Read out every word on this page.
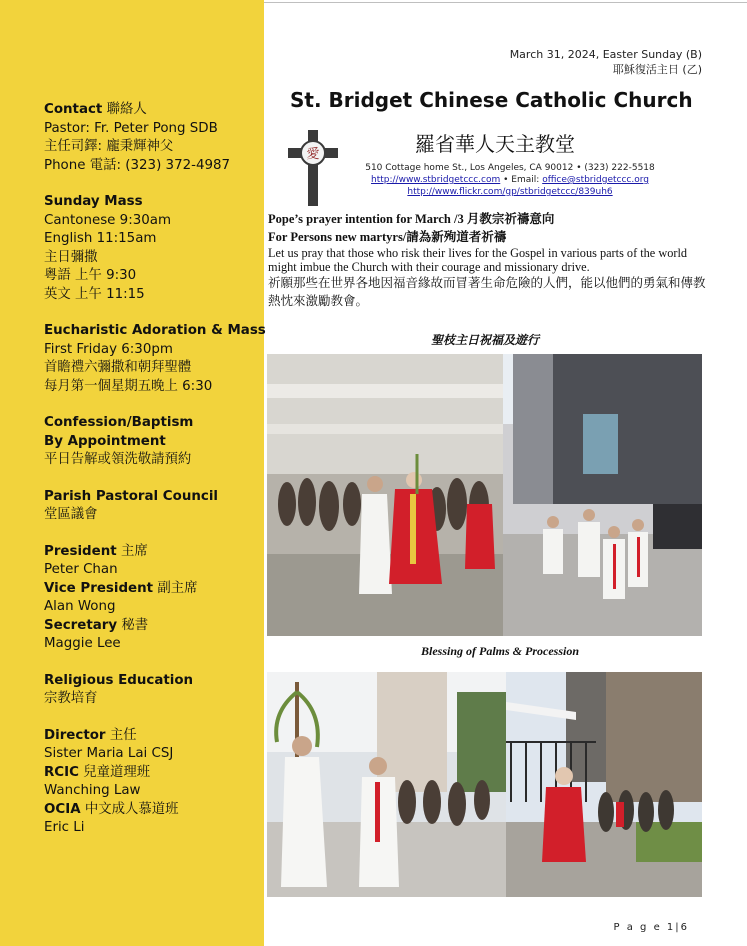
Contact 聯絡人
Pastor: Fr. Peter Pong SDB
主任司鐸: 龐秉輝神父
Phone 電話: (323) 372-4987
Sunday Mass
Cantonese 9:30am
English 11:15am
主日彌撒
粵語 上午 9:30
英文 上午 11:15
Eucharistic Adoration & Mass
First Friday 6:30pm
首瞻禮六彌撒和朝拜聖體
每月第一個星期五晚上 6:30
Confession/Baptism
By Appointment
平日告解或領洗敬請預約
Parish Pastoral Council
堂區議會
President 主席
Peter Chan
Vice President 副主席
Alan Wong
Secretary 秘書
Maggie Lee
Religious Education
宗教培育
Director 主任
Sister Maria Lai CSJ
RCIC 兒童道理班
Wanching Law
OCIA 中文成人慕道班
Eric Li
March 31, 2024, Easter Sunday (B)
耶穌復活主日 (乙)
St. Bridget Chinese Catholic Church
愛	羅省華人天主教堂
510 Cottage home St., Los Angeles, CA 90012 • (323) 222-5518
http://www.stbridgetccc.com • Email: office@stbridgetccc.org
http://www.flickr.com/gp/stbridgetccc/839uh6
Pope’s prayer intention for March /3 月教宗祈禱意向
For Persons new martyrs/請為新殉道者祈禱
Let us pray that those who risk their lives for the Gospel in various parts of the world might imbue the Church with their courage and missionary drive.
祈願那些在世界各地因福音緣故而冒著生命危險的人們，能以他們的勇氣和傳教熱忱來激勵教會。
聖枝主日祝福及遊行
Blessing of Palms & Procession
P a g e 1|6
